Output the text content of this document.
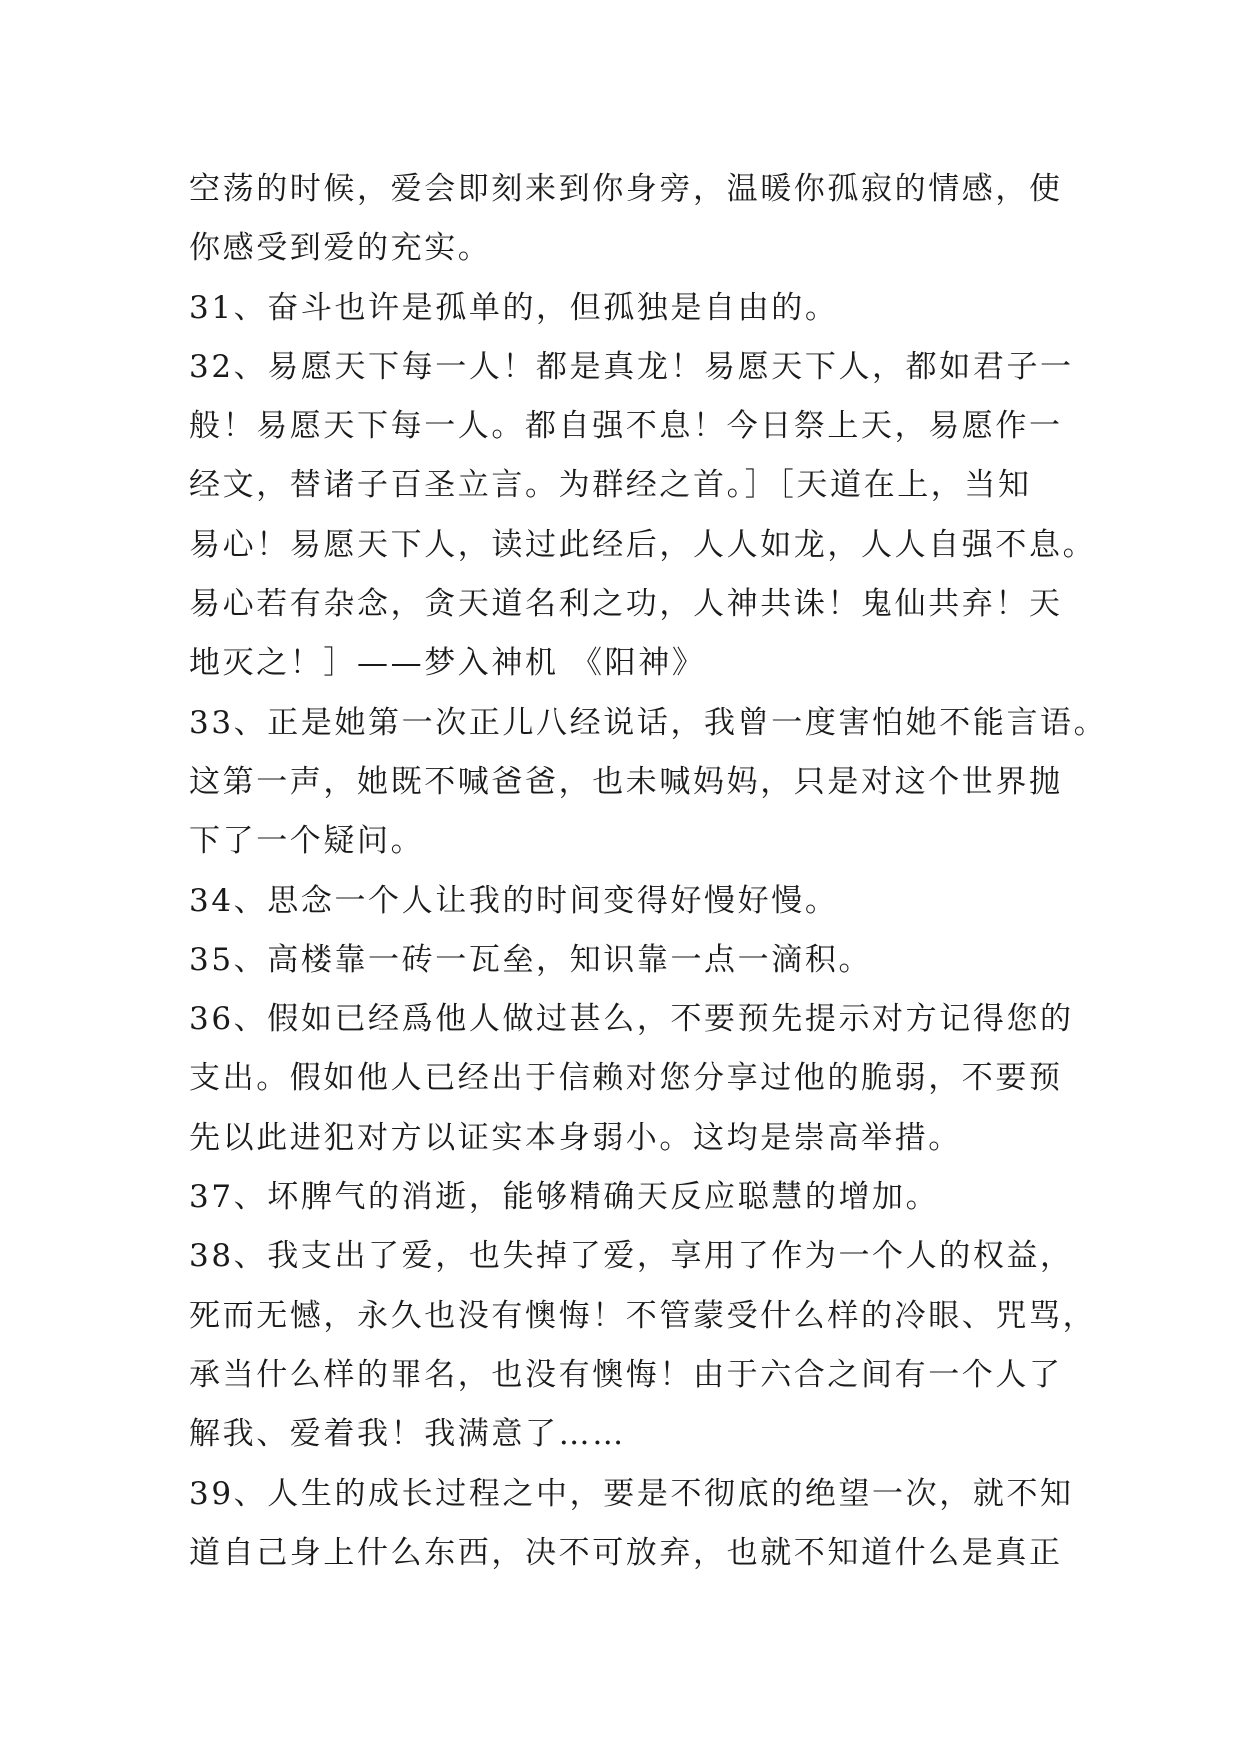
空荡的时候，爱会即刻来到你身旁，温暖你孤寂的情感，使
你感受到爱的充实。
31、奋斗也许是孤单的，但孤独是自由的。
32、易愿天下每一人！都是真龙！易愿天下人，都如君子一
般！易愿天下每一人。都自强不息！今日祭上天，易愿作一
经文，替诸子百圣立言。为群经之首。］［天道在上，当知
易心！易愿天下人，读过此经后，人人如龙，人人自强不息。
易心若有杂念，贪天道名利之功，人神共诛！鬼仙共弃！天
地灭之！］——梦入神机 《阳神》
33、正是她第一次正儿八经说话，我曾一度害怕她不能言语。
这第一声，她既不喊爸爸，也未喊妈妈，只是对这个世界抛
下了一个疑问。
34、思念一个人让我的时间变得好慢好慢。
35、高楼靠一砖一瓦垒，知识靠一点一滴积。
36、假如已经爲他人做过甚么，不要预先提示对方记得您的
支出。假如他人已经出于信赖对您分享过他的脆弱，不要预
先以此进犯对方以证实本身弱小。这均是崇高举措。
37、坏脾气的消逝，能够精确天反应聪慧的增加。
38、我支出了爱，也失掉了爱，享用了作为一个人的权益，
死而无憾，永久也没有懊悔！不管蒙受什么样的冷眼、咒骂，
承当什么样的罪名，也没有懊悔！由于六合之间有一个人了
解我、爱着我！我满意了……
39、人生的成长过程之中，要是不彻底的绝望一次，就不知
道自己身上什么东西，决不可放弃，也就不知道什么是真正
